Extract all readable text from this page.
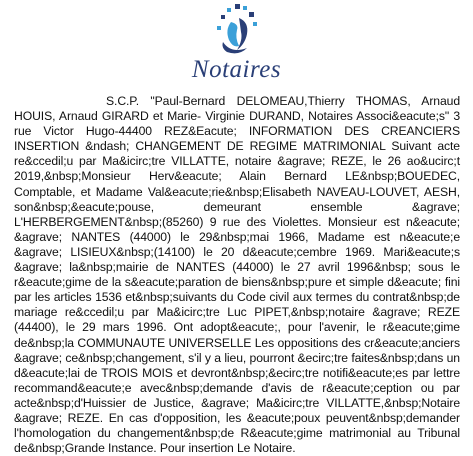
Notaires

S.C.P. "Paul-Bernard DELOMEAU,Thierry THOMAS, Arnaud HOUIS, Arnaud GIRARD et Marie- Virginie DURAND, Notaires Associ&eacute;s" 3 rue Victor Hugo-44400 REZ&Eacute; INFORMATION DES CREANCIERS INSERTION &ndash; CHANGEMENT DE REGIME MATRIMONIAL Suivant acte re&ccedil;u par Ma&icirc;tre VILLATTE, notaire &agrave; REZE, le 26 ao&ucirc;t 2019,&nbsp;Monsieur Herv&eacute; Alain Bernard LE&nbsp;BOUEDEC, Comptable, et Madame Val&eacute;rie&nbsp;Elisabeth NAVEAU-LOUVET, AESH, son&nbsp;&eacute;pouse, demeurant ensemble &agrave; L'HERBERGEMENT&nbsp;(85260) 9 rue des Violettes. Monsieur est n&eacute; &agrave; NANTES (44000) le 29&nbsp;mai 1966, Madame est n&eacute;e &agrave; LISIEUX&nbsp;(14100) le 20 d&eacute;cembre 1969. Mari&eacute;s &agrave; la&nbsp;mairie de NANTES (44000) le 27 avril 1996&nbsp; sous le r&eacute;gime de la s&eacute;paration de biens&nbsp;pure et simple d&eacute; fini par les articles 1536 et&nbsp;suivants du Code civil aux termes du contrat&nbsp;de mariage re&ccedil;u par Ma&icirc;tre Luc PIPET,&nbsp;notaire &agrave; REZE (44400), le 29 mars 1996. Ont adopt&eacute;, pour l'avenir, le r&eacute;gime de&nbsp;la COMMUNAUTE UNIVERSELLE Les oppositions des cr&eacute;anciers &agrave; ce&nbsp;changement, s'il y a lieu, pourront &ecirc;tre faites&nbsp;dans un d&eacute;lai de TROIS MOIS et devront&nbsp;&ecirc;tre notifi&eacute;es par lettre recommand&eacute;e avec&nbsp;demande d'avis de r&eacute;ception ou par acte&nbsp;d'Huissier de Justice, &agrave; Ma&icirc;tre VILLATTE,&nbsp;Notaire &agrave; REZE. En cas d'opposition, les &eacute;poux peuvent&nbsp;demander l'homologation du changement&nbsp;de R&eacute;gime matrimonial au Tribunal de&nbsp;Grande Instance. Pour insertion Le Notaire.
